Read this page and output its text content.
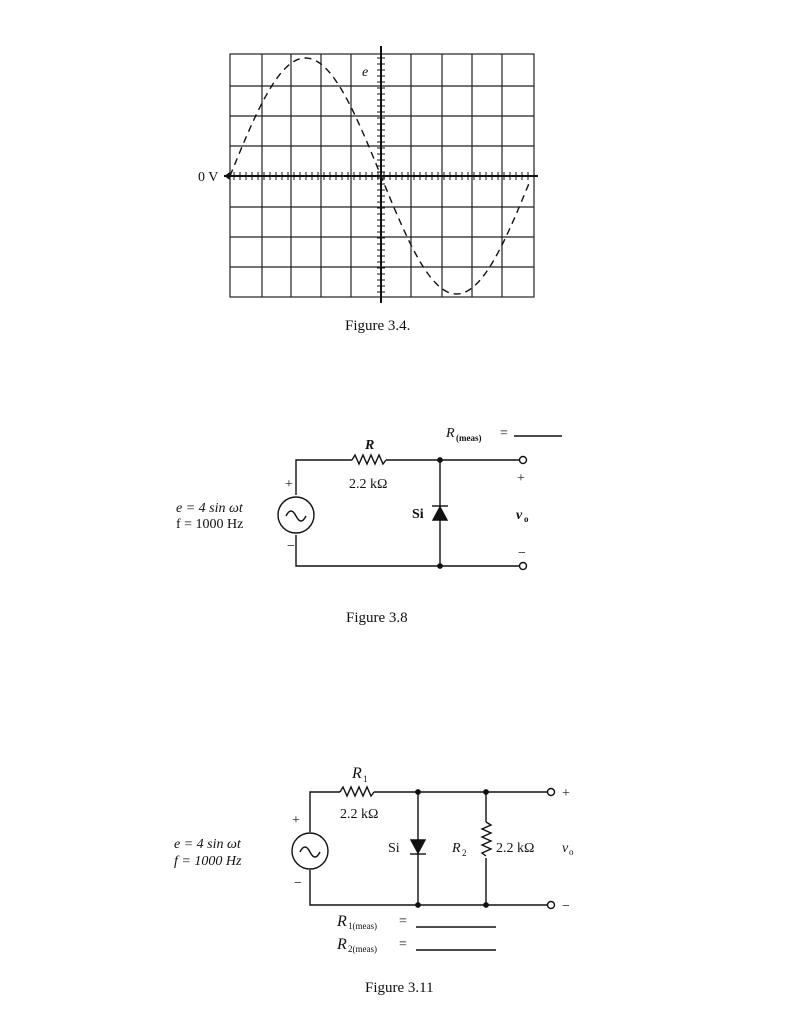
0 V
e
Figure 3.4.
R
2.2 kΩ
R (meas) =
e = 4 sin ωt
f = 1000 Hz
+
−
Si	v o
+
−
Figure 3.8
R 1
2.2 kΩ
e = 4 sin ωt
f = 1000 Hz
+
−
Si	R 2 2.2 kΩ v o
+
−
R 1(meas) =
R 2(meas) =
Figure 3.11
